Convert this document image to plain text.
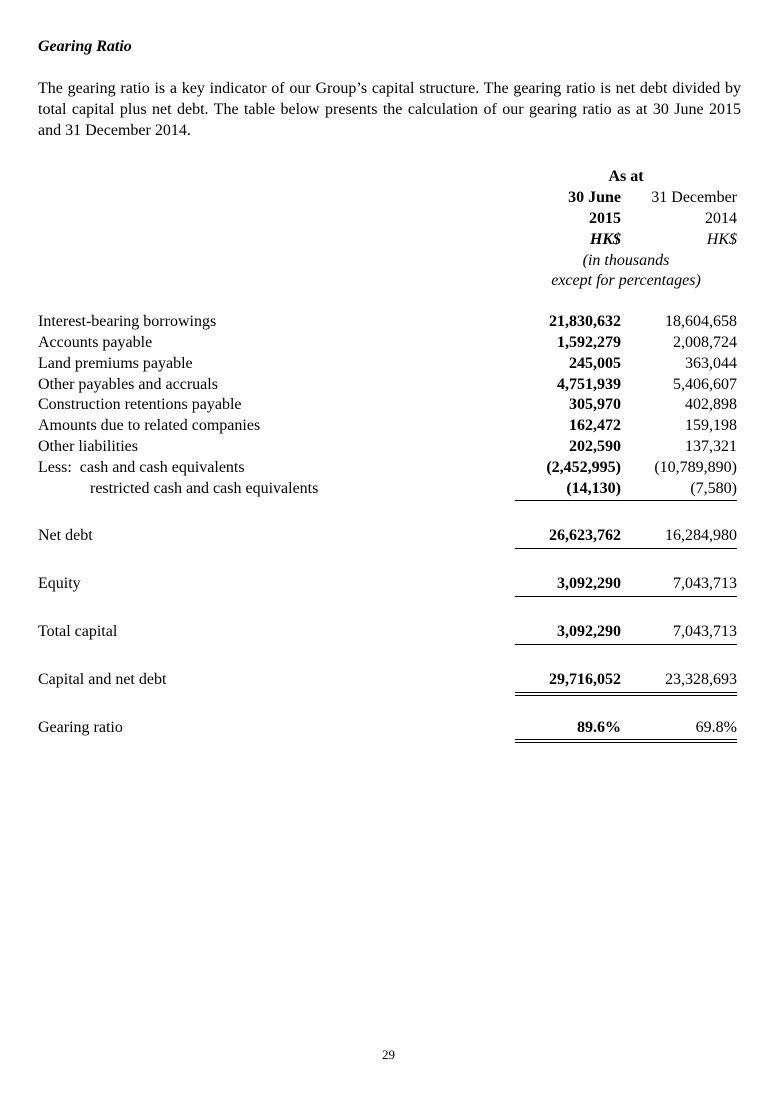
Gearing Ratio
The gearing ratio is a key indicator of our Group’s capital structure. The gearing ratio is net debt divided by total capital plus net debt. The table below presents the calculation of our gearing ratio as at 30 June 2015 and 31 December 2014.
As at
30 June	31 December
2015	2014
HK$	HK$
(in thousands
except for percentages)
Interest-bearing borrowings	21,830,632	18,604,658
Accounts payable	1,592,279	2,008,724
Land premiums payable	245,005	363,044
Other payables and accruals	4,751,939	5,406,607
Construction retentions payable	305,970	402,898
Amounts due to related companies	162,472	159,198
Other liabilities	202,590	137,321
Less:  cash and cash equivalents	(2,452,995)	(10,789,890)
restricted cash and cash equivalents	(14,130)	(7,580)
Net debt	26,623,762	16,284,980
Equity	3,092,290	7,043,713
Total capital	3,092,290	7,043,713
Capital and net debt	29,716,052	23,328,693
Gearing ratio	89.6%	69.8%
29
